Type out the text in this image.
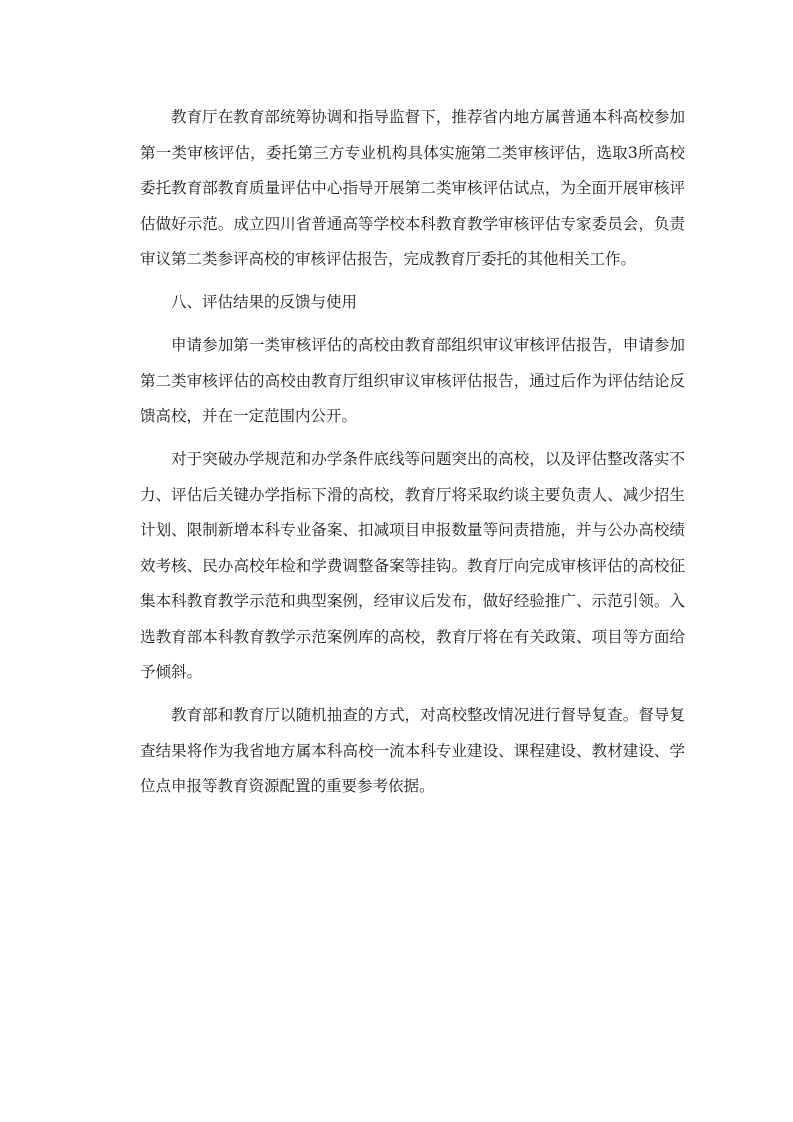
教育厅在教育部统筹协调和指导监督下，推荐省内地方属普通本科高校参加第一类审核评估，委托第三方专业机构具体实施第二类审核评估，选取3所高校委托教育部教育质量评估中心指导开展第二类审核评估试点，为全面开展审核评估做好示范。成立四川省普通高等学校本科教育教学审核评估专家委员会，负责审议第二类参评高校的审核评估报告，完成教育厅委托的其他相关工作。

八、评估结果的反馈与使用

申请参加第一类审核评估的高校由教育部组织审议审核评估报告，申请参加第二类审核评估的高校由教育厅组织审议审核评估报告，通过后作为评估结论反馈高校，并在一定范围内公开。

对于突破办学规范和办学条件底线等问题突出的高校，以及评估整改落实不力、评估后关键办学指标下滑的高校，教育厅将采取约谈主要负责人、减少招生计划、限制新增本科专业备案、扣减项目申报数量等问责措施，并与公办高校绩效考核、民办高校年检和学费调整备案等挂钩。教育厅向完成审核评估的高校征集本科教育教学示范和典型案例，经审议后发布，做好经验推广、示范引领。入选教育部本科教育教学示范案例库的高校，教育厅将在有关政策、项目等方面给予倾斜。

教育部和教育厅以随机抽查的方式，对高校整改情况进行督导复查。督导复查结果将作为我省地方属本科高校一流本科专业建设、课程建设、教材建设、学位点申报等教育资源配置的重要参考依据。
